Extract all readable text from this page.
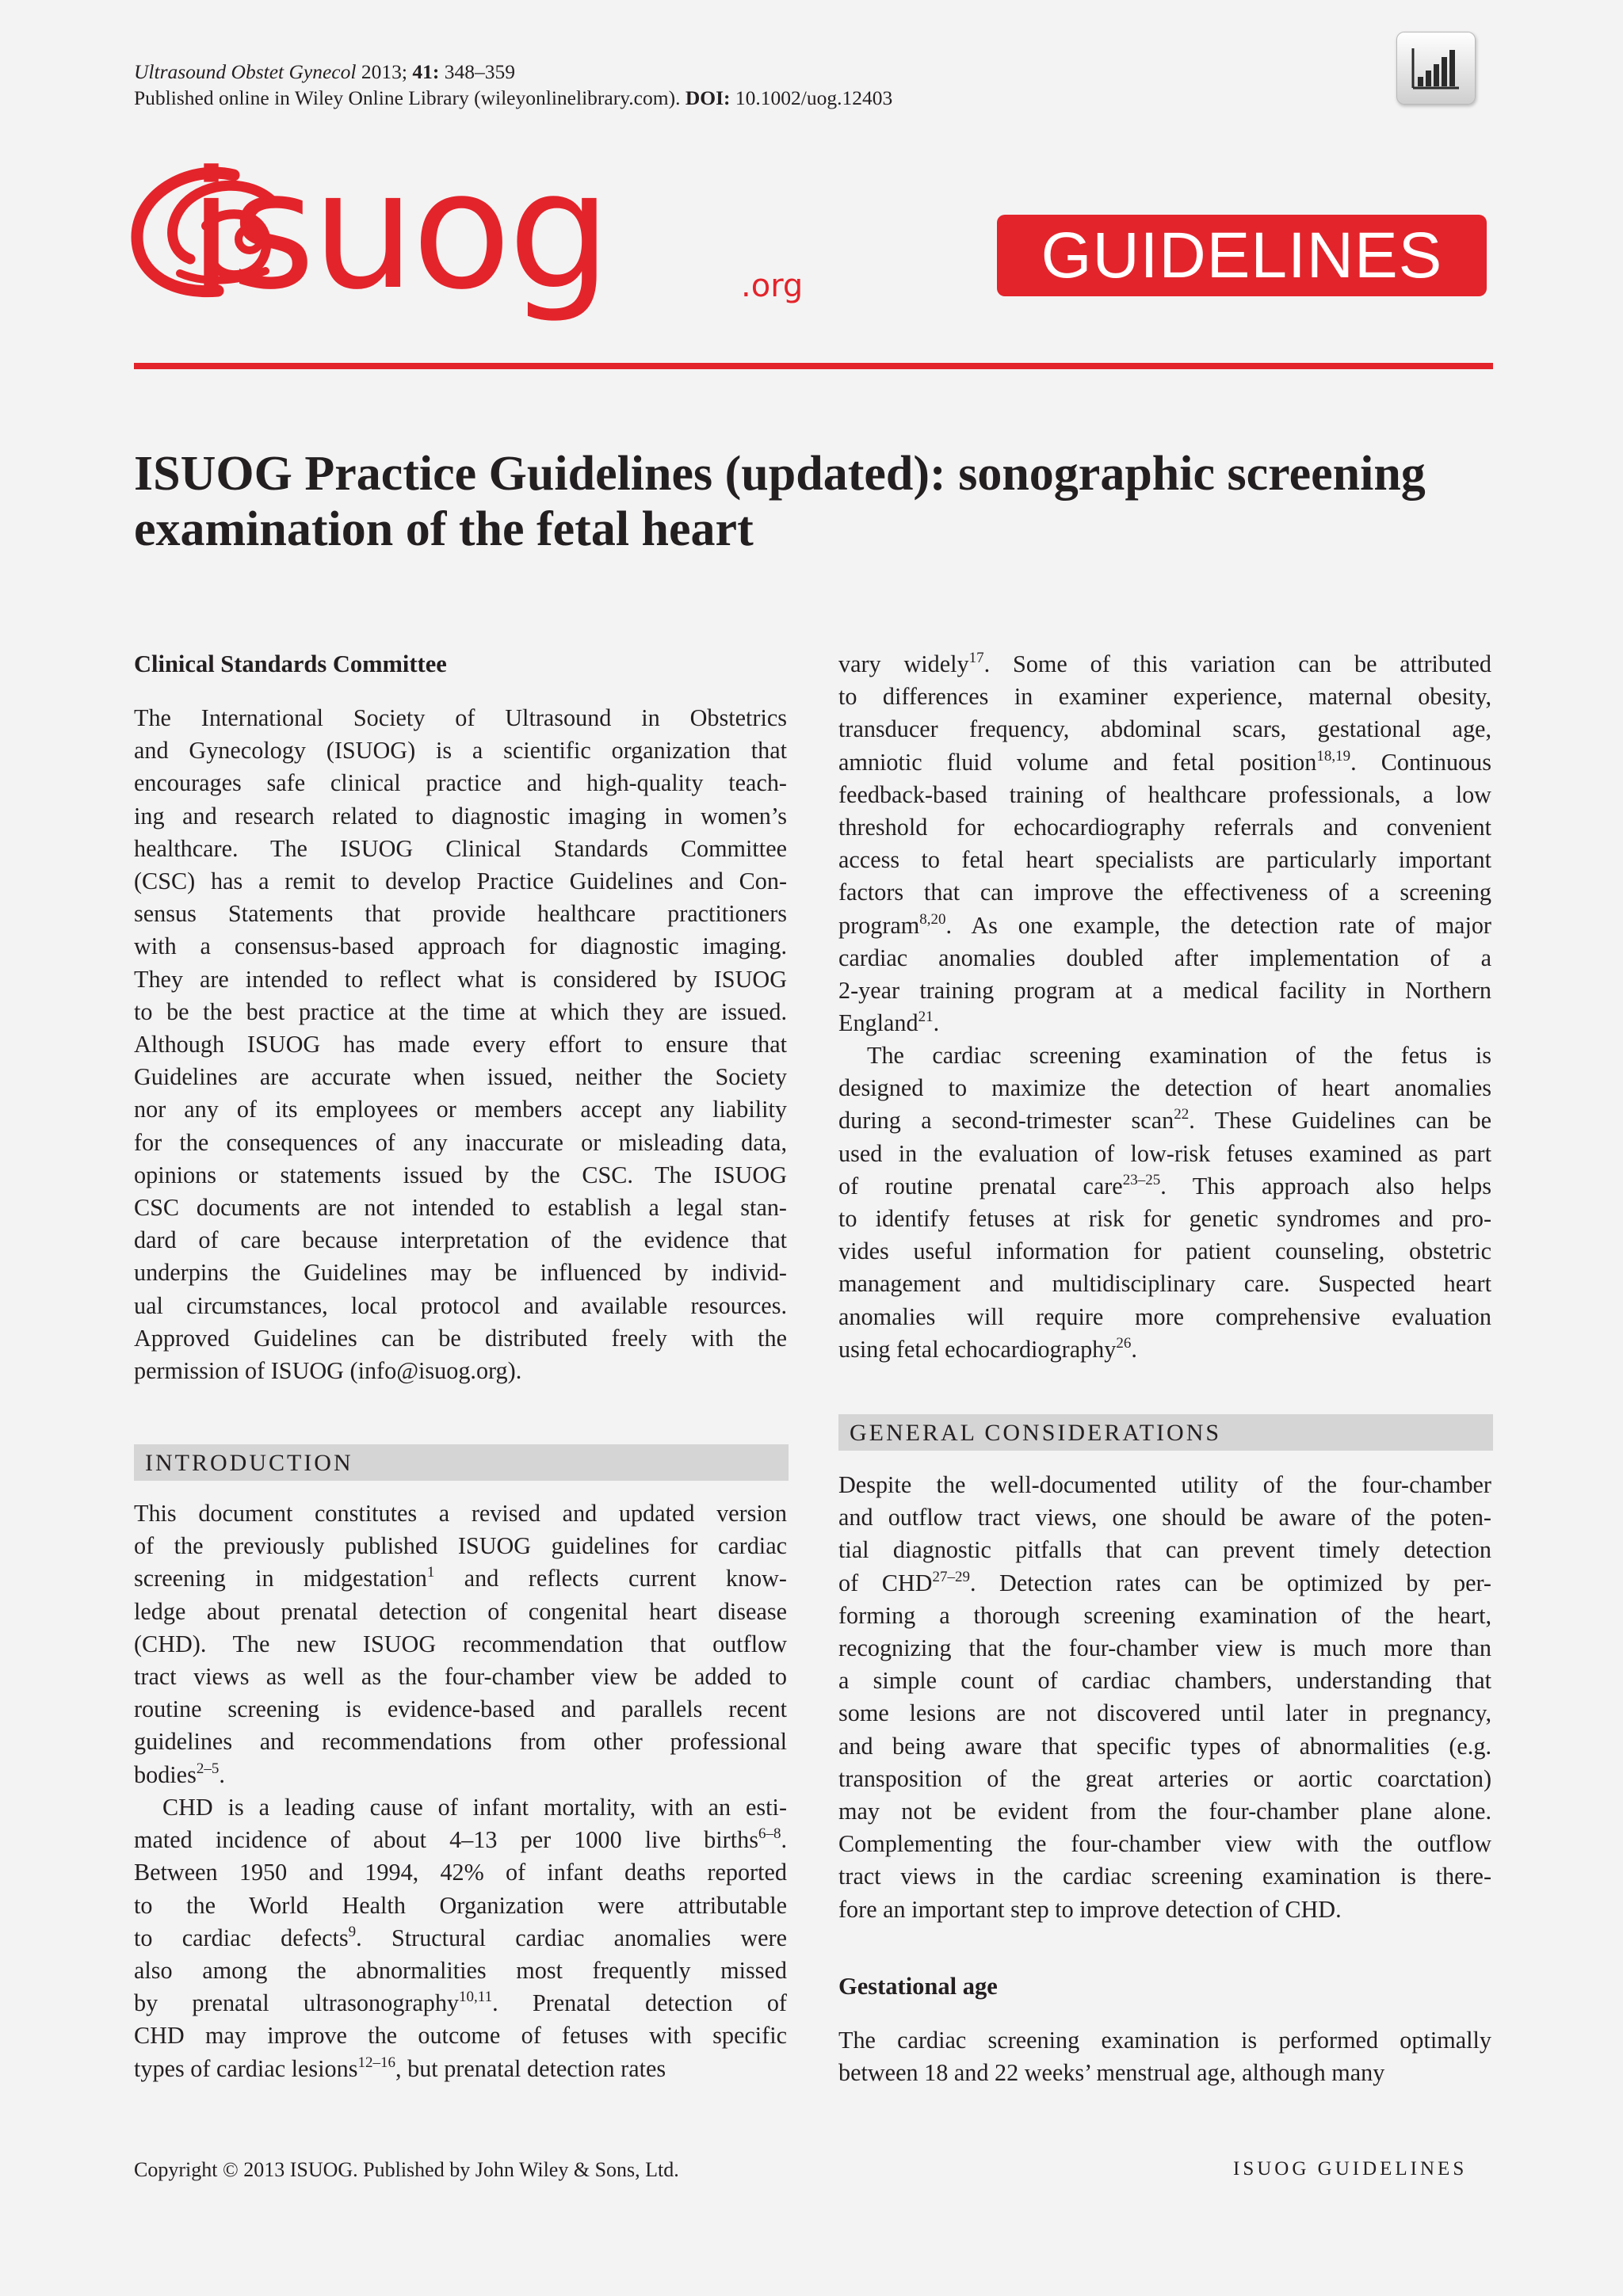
Ultrasound Obstet Gynecol 2013; 41: 348–359
Published online in Wiley Online Library (wileyonlinelibrary.com). DOI: 10.1002/uog.12403
isuog	.org	GUIDELINES
ISUOG Practice Guidelines (updated): sonographic screening
examination of the fetal heart
Clinical Standards Committee
The International Society of Ultrasound in Obstetrics
and Gynecology (ISUOG) is a scientific organization that
encourages safe clinical practice and high-quality teach-
ing and research related to diagnostic imaging in women’s
healthcare. The ISUOG Clinical Standards Committee
(CSC) has a remit to develop Practice Guidelines and Con-
sensus Statements that provide healthcare practitioners
with a consensus-based approach for diagnostic imaging.
They are intended to reflect what is considered by ISUOG
to be the best practice at the time at which they are issued.
Although ISUOG has made every effort to ensure that
Guidelines are accurate when issued, neither the Society
nor any of its employees or members accept any liability
for the consequences of any inaccurate or misleading data,
opinions or statements issued by the CSC. The ISUOG
CSC documents are not intended to establish a legal stan-
dard of care because interpretation of the evidence that
underpins the Guidelines may be influenced by individ-
ual circumstances, local protocol and available resources.
Approved Guidelines can be distributed freely with the
permission of ISUOG (info@isuog.org).
INTRODUCTION
This document constitutes a revised and updated version
of the previously published ISUOG guidelines for cardiac
screening in midgestation$^1$ and reflects current know-
ledge about prenatal detection of congenital heart disease
(CHD). The new ISUOG recommendation that outflow
tract views as well as the four-chamber view be added to
routine screening is evidence-based and parallels recent
guidelines and recommendations from other professional
bodies$^{2-5}$.
CHD is a leading cause of infant mortality, with an esti-
mated incidence of about 4–13 per 1000 live births$^{6-8}$.
Between 1950 and 1994, 42% of infant deaths reported
to the World Health Organization were attributable
to cardiac defects$^9$. Structural cardiac anomalies were
also among the abnormalities most frequently missed
by prenatal ultrasonography$^{10,11}$. Prenatal detection of
CHD may improve the outcome of fetuses with specific
types of cardiac lesions$^{12-16}$, but prenatal detection rates
vary widely$^{17}$. Some of this variation can be attributed
to differences in examiner experience, maternal obesity,
transducer frequency, abdominal scars, gestational age,
amniotic fluid volume and fetal position$^{18,19}$. Continuous
feedback-based training of healthcare professionals, a low
threshold for echocardiography referrals and convenient
access to fetal heart specialists are particularly important
factors that can improve the effectiveness of a screening
program$^{8,20}$. As one example, the detection rate of major
cardiac anomalies doubled after implementation of a
2-year training program at a medical facility in Northern
England$^{21}$.
The cardiac screening examination of the fetus is
designed to maximize the detection of heart anomalies
during a second-trimester scan$^{22}$. These Guidelines can be
used in the evaluation of low-risk fetuses examined as part
of routine prenatal care$^{23-25}$. This approach also helps
to identify fetuses at risk for genetic syndromes and pro-
vides useful information for patient counseling, obstetric
management and multidisciplinary care. Suspected heart
anomalies will require more comprehensive evaluation
using fetal echocardiography$^{26}$.
GENERAL CONSIDERATIONS
Despite the well-documented utility of the four-chamber
and outflow tract views, one should be aware of the poten-
tial diagnostic pitfalls that can prevent timely detection
of CHD$^{27-29}$. Detection rates can be optimized by per-
forming a thorough screening examination of the heart,
recognizing that the four-chamber view is much more than
a simple count of cardiac chambers, understanding that
some lesions are not discovered until later in pregnancy,
and being aware that specific types of abnormalities (e.g.
transposition of the great arteries or aortic coarctation)
may not be evident from the four-chamber plane alone.
Complementing the four-chamber view with the outflow
tract views in the cardiac screening examination is there-
fore an important step to improve detection of CHD.
Gestational age
The cardiac screening examination is performed optimally
between 18 and 22 weeks’ menstrual age, although many
Copyright © 2013 ISUOG. Published by John Wiley & Sons, Ltd.	ISUOG GUIDELINES
